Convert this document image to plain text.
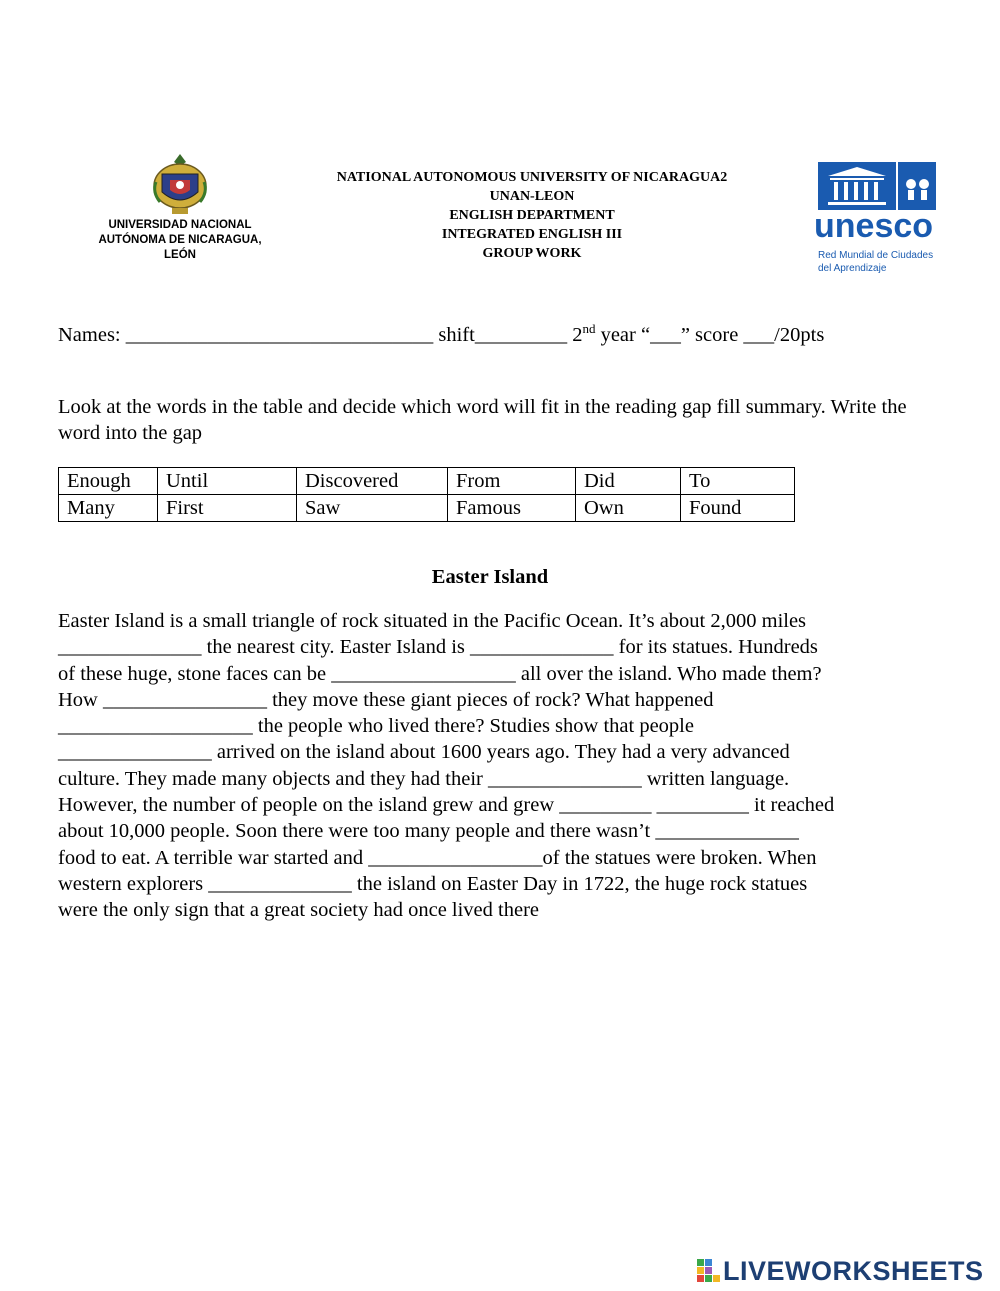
UNIVERSIDAD NACIONAL
AUTÓNOMA DE NICARAGUA,
LEÓN
NATIONAL AUTONOMOUS UNIVERSITY OF NICARAGUA2
UNAN-LEON
ENGLISH DEPARTMENT
INTEGRATED ENGLISH III
GROUP WORK
unesco
Red Mundial de Ciudades
del Aprendizaje
Names: ______________________________ shift_________ 2nd year “___” score ___/20pts
Look at the words in the table and decide which word will fit in the reading gap fill summary. Write the word into the gap
Enough	Until	Discovered	From	Did	To
Many	First	Saw	Famous	Own	Found
Easter Island
Easter Island is a small triangle of rock situated in the Pacific Ocean. It’s about 2,000 miles
______________ the nearest city. Easter Island is ______________ for its statues. Hundreds
of these huge, stone faces can be __________________ all over the island. Who made them?
How ________________ they move these giant pieces of rock? What happened
___________________ the people who lived there? Studies show that people
_______________ arrived on the island about 1600 years ago. They had a very advanced
culture. They made many objects and they had their _______________ written language.
However, the number of people on the island grew and grew _________ _________ it reached
about 10,000 people. Soon there were too many people and there wasn’t ______________
food to eat. A terrible war started and _________________of the statues were broken. When
western explorers ______________ the island on Easter Day in 1722, the huge rock statues
were the only sign that a great society had once lived there
LIVEWORKSHEETS
